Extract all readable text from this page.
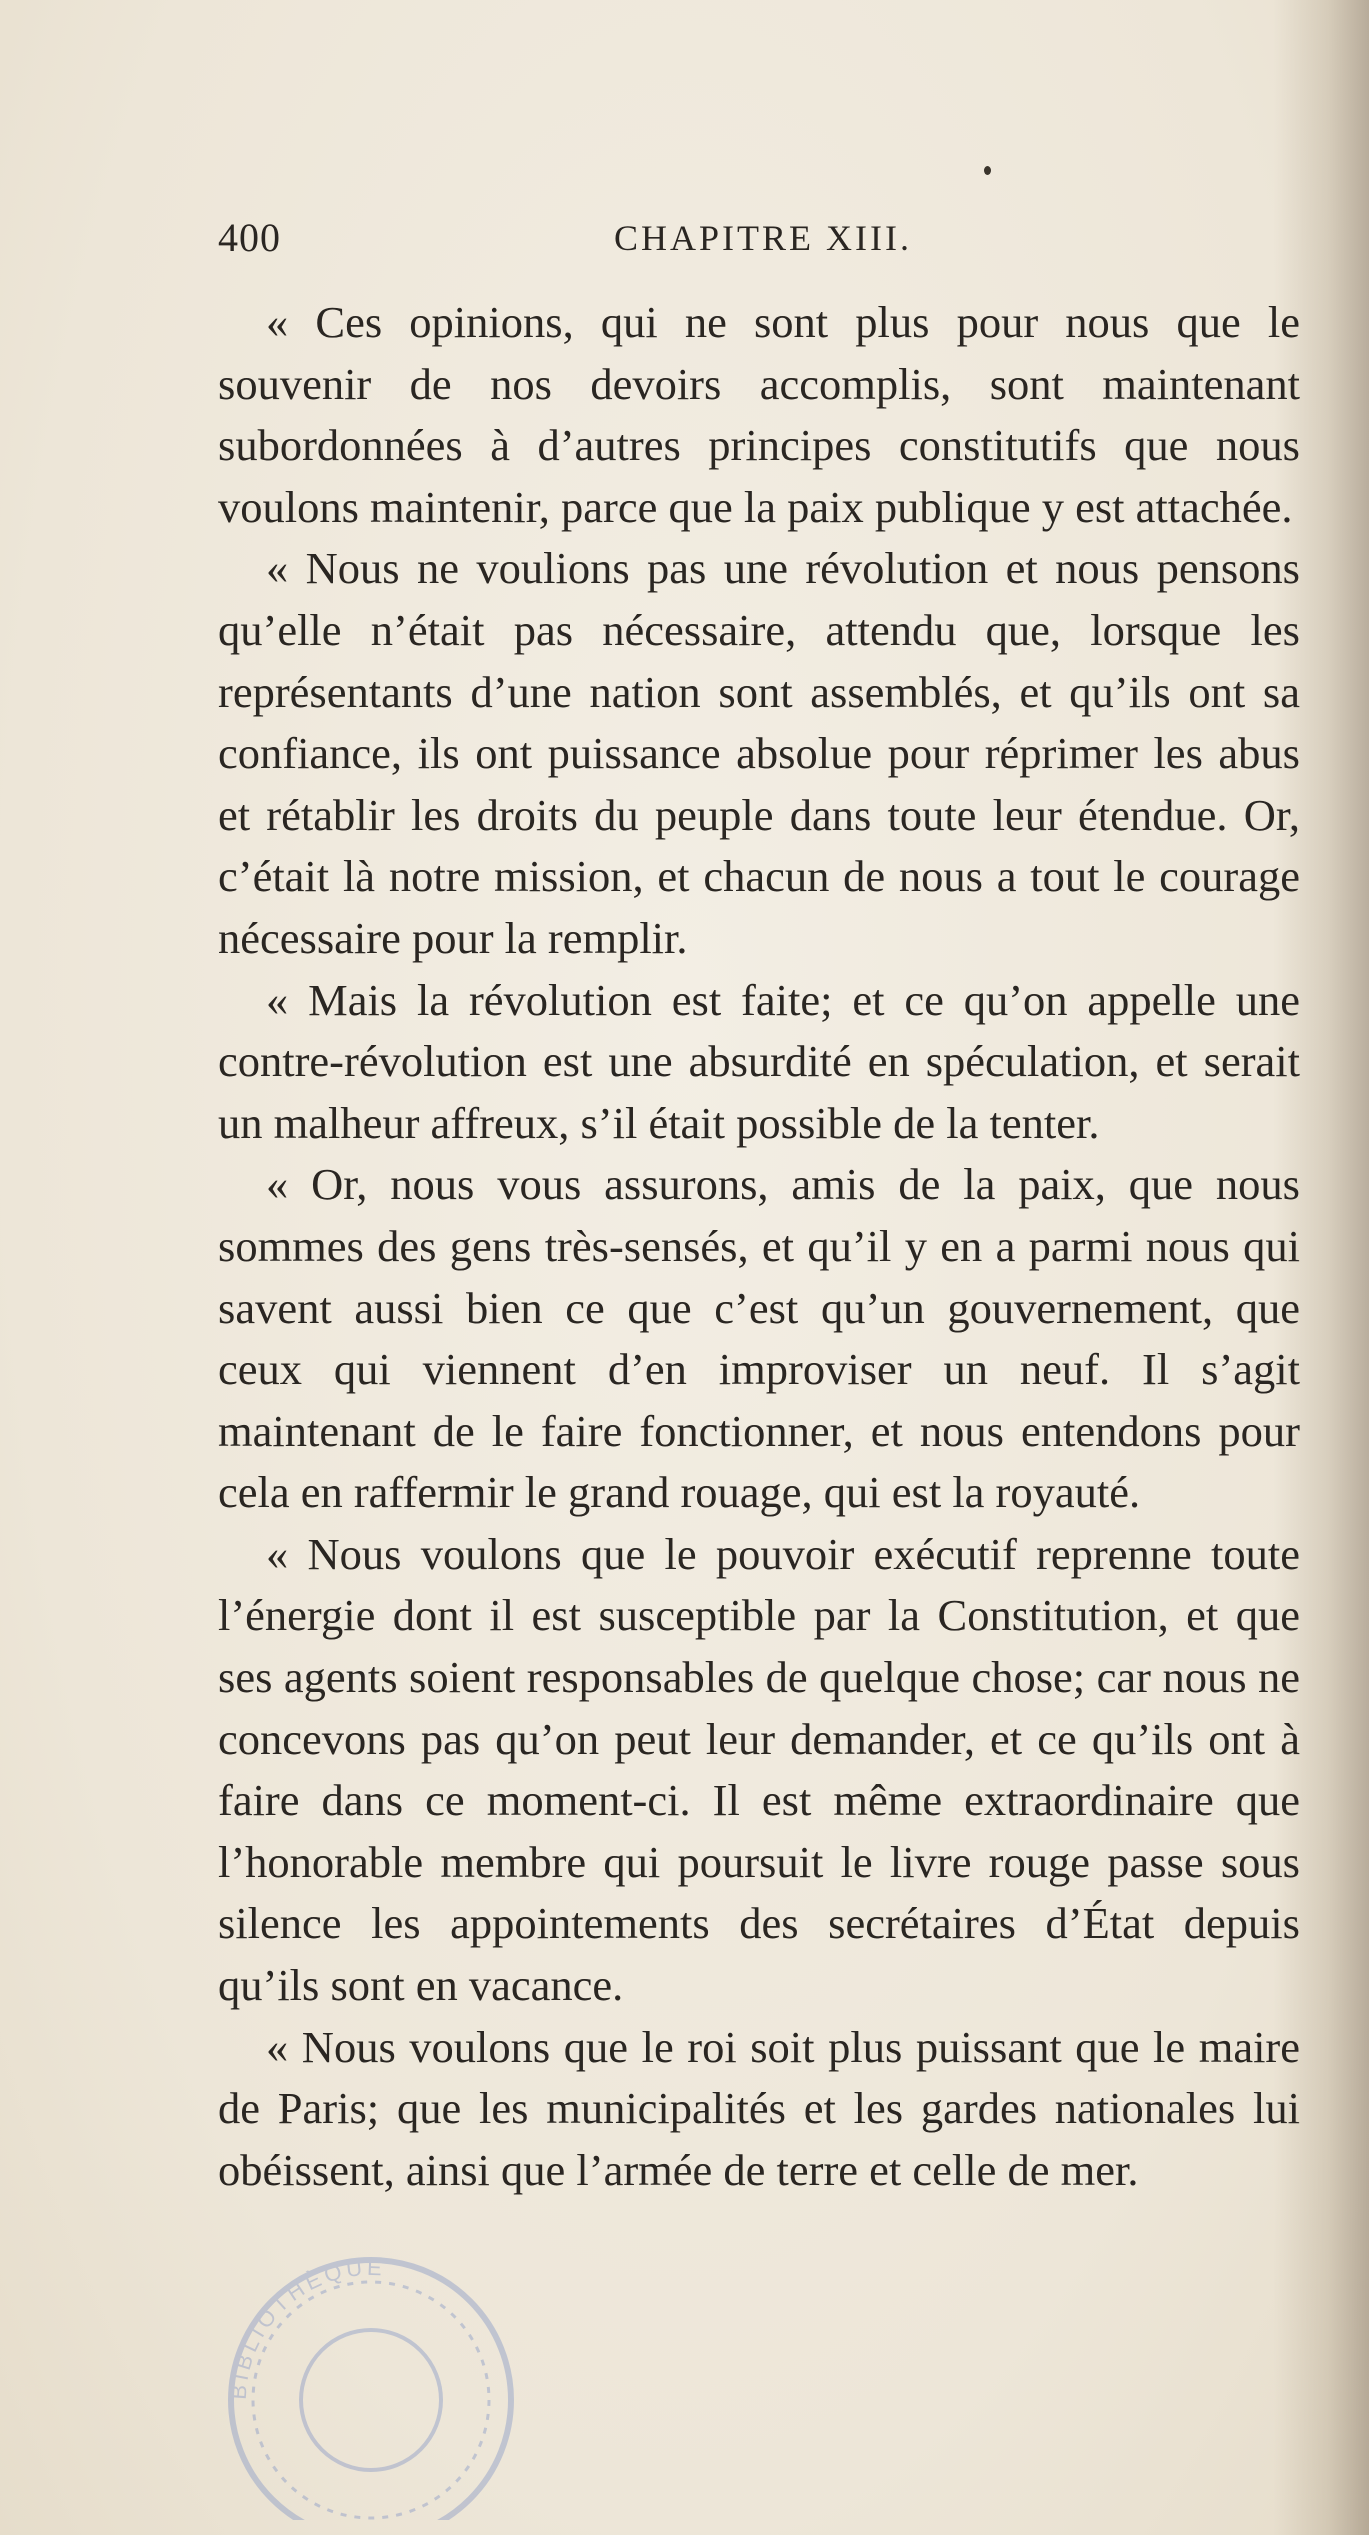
400	CHAPITRE XIII.

« Ces opinions, qui ne sont plus pour nous que le souvenir de nos devoirs accomplis, sont maintenant subordonnées à d’autres principes constitutifs que nous voulons maintenir, parce que la paix publique y est attachée.

« Nous ne voulions pas une révolution et nous pensons qu’elle n’était pas nécessaire, attendu que, lorsque les représentants d’une nation sont assemblés, et qu’ils ont sa confiance, ils ont puissance absolue pour réprimer les abus et rétablir les droits du peuple dans toute leur étendue. Or, c’était là notre mission, et chacun de nous a tout le courage nécessaire pour la remplir.

« Mais la révolution est faite; et ce qu’on appelle une contre-révolution est une absurdité en spéculation, et serait un malheur affreux, s’il était possible de la tenter.

« Or, nous vous assurons, amis de la paix, que nous sommes des gens très-sensés, et qu’il y en a parmi nous qui savent aussi bien ce que c’est qu’un gouvernement, que ceux qui viennent d’en improviser un neuf. Il s’agit maintenant de le faire fonctionner, et nous entendons pour cela en raffermir le grand rouage, qui est la royauté.

« Nous voulons que le pouvoir exécutif reprenne toute l’énergie dont il est susceptible par la Constitution, et que ses agents soient responsables de quelque chose; car nous ne concevons pas qu’on peut leur demander, et ce qu’ils ont à faire dans ce moment-ci. Il est même extraordinaire que l’honorable membre qui poursuit le livre rouge passe sous silence les appointements des secrétaires d’État depuis qu’ils sont en vacance.

« Nous voulons que le roi soit plus puissant que le maire de Paris; que les municipalités et les gardes nationales lui obéissent, ainsi que l’armée de terre et celle de mer.

BIBLIOTHÈQUE
